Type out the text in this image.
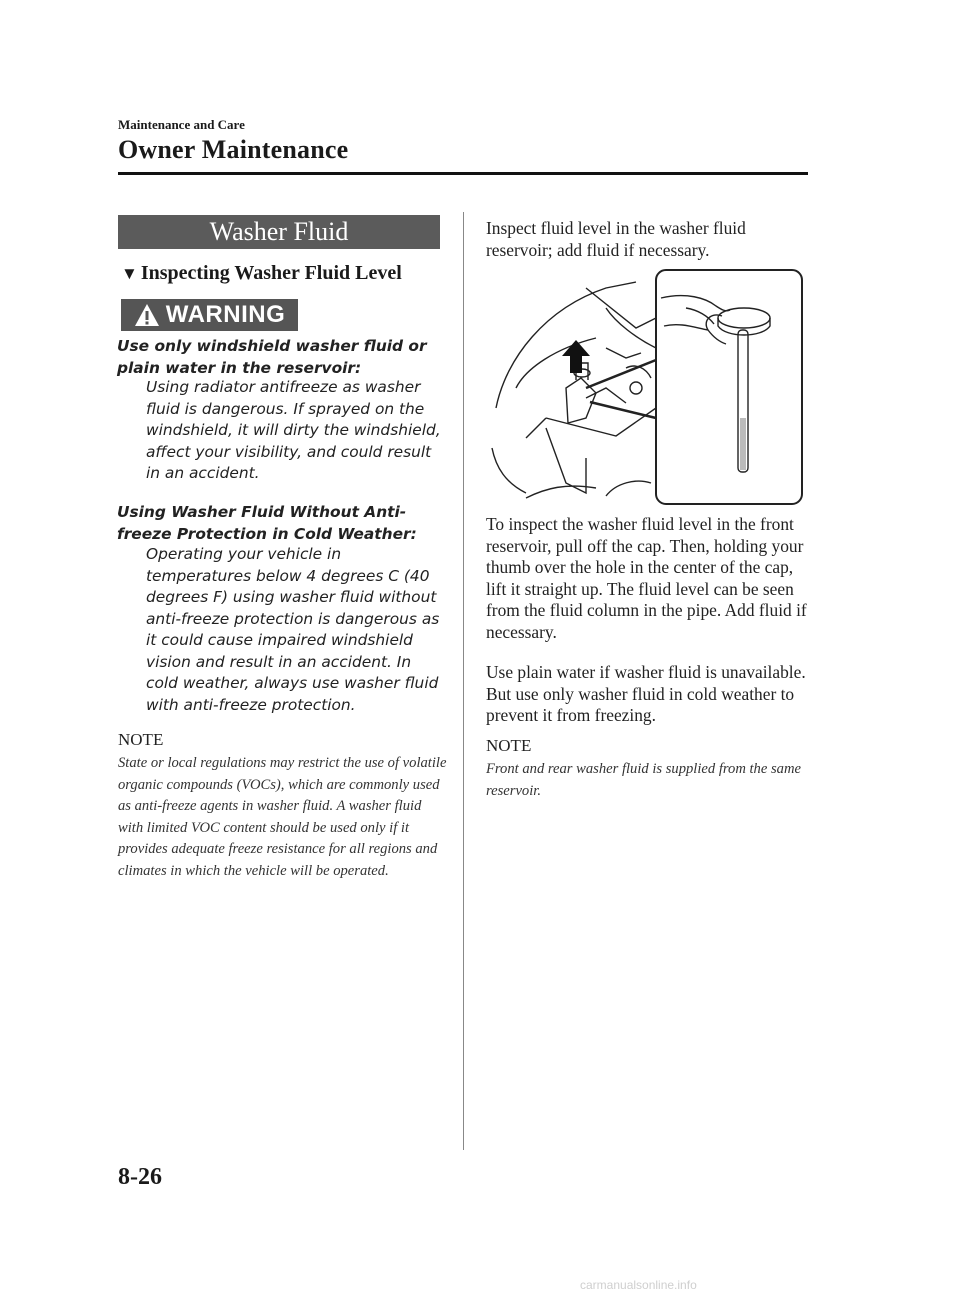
Maintenance and Care
Owner Maintenance
Washer Fluid
▼ Inspecting Washer Fluid Level
WARNING
Use only windshield washer fluid or plain water in the reservoir:
Using radiator antifreeze as washer fluid is dangerous. If sprayed on the windshield, it will dirty the windshield, affect your visibility, and could result in an accident.
Using Washer Fluid Without Anti-freeze Protection in Cold Weather:
Operating your vehicle in temperatures below 4 degrees C (40 degrees F) using washer fluid without anti-freeze protection is dangerous as it could cause impaired windshield vision and result in an accident. In cold weather, always use washer fluid with anti-freeze protection.
NOTE
State or local regulations may restrict the use of volatile organic compounds (VOCs), which are commonly used as anti-freeze agents in washer fluid. A washer fluid with limited VOC content should be used only if it provides adequate freeze resistance for all regions and climates in which the vehicle will be operated.
Inspect fluid level in the washer fluid reservoir; add fluid if necessary.
To inspect the washer fluid level in the front reservoir, pull off the cap. Then, holding your thumb over the hole in the center of the cap, lift it straight up. The fluid level can be seen from the fluid column in the pipe. Add fluid if necessary.
Use plain water if washer fluid is unavailable. But use only washer fluid in cold weather to prevent it from freezing.
NOTE
Front and rear washer fluid is supplied from the same reservoir.
8-26
carmanualsonline.info
